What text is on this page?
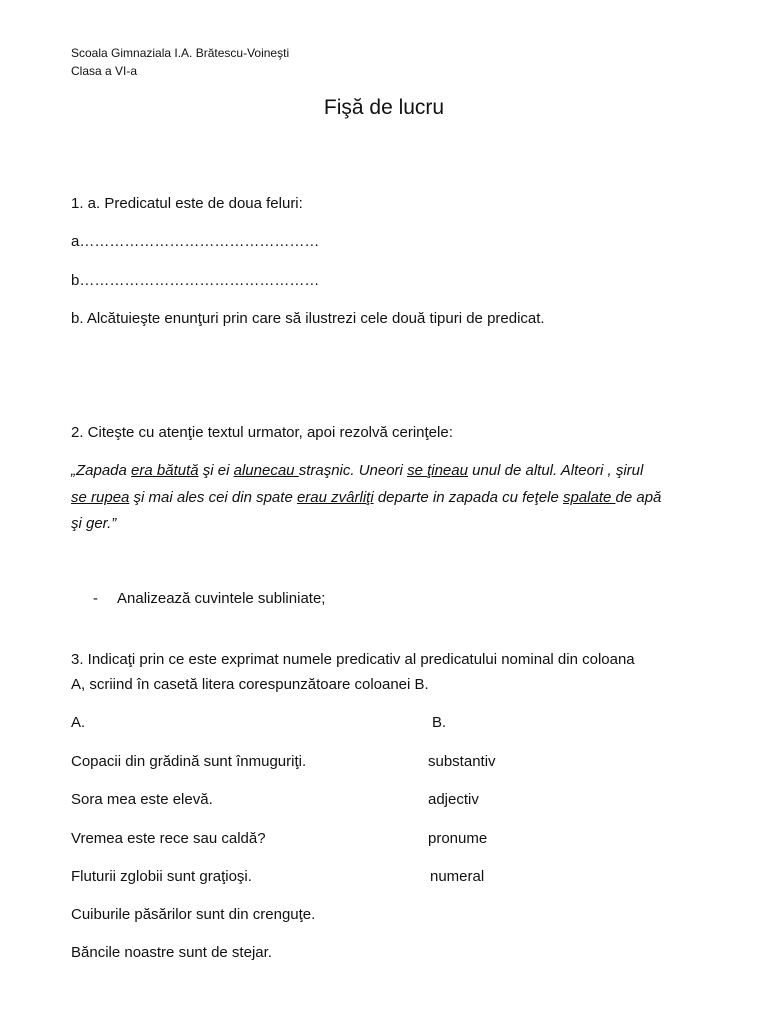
Scoala Gimnaziala I.A. Brătescu-Voineşti
Clasa a VI-a
Fişă de lucru
1. a. Predicatul este de doua feluri:
a…………………………………………
b…………………………………………
b. Alcătuieşte enunţuri prin care să ilustrezi cele două tipuri de predicat.
2. Citeşte cu atenţie textul urmator, apoi rezolvă cerinţele:
„Zapada era bătută şi ei alunecau straşnic. Uneori se ţineau unul de altul. Alteori , şirul
se rupea şi mai ales cei din spate erau zvârliţi departe in zapada cu feţele spalate de apă
şi ger.”
- Analizează cuvintele subliniate;
3. Indicaţi prin ce este exprimat numele predicativ al predicatului nominal din coloana
A, scriind în casetă litera corespunzătoare coloanei B.
A.	B.
Copacii din grădină sunt înmuguriţi.
Sora mea este elevă.
Vremea este rece sau caldă?
Fluturii zglobii sunt graţioşi.
Cuiburile păsărilor sunt din crenguţe.
Băncile noastre sunt de stejar.
substantiv
adjectiv
pronume
numeral
